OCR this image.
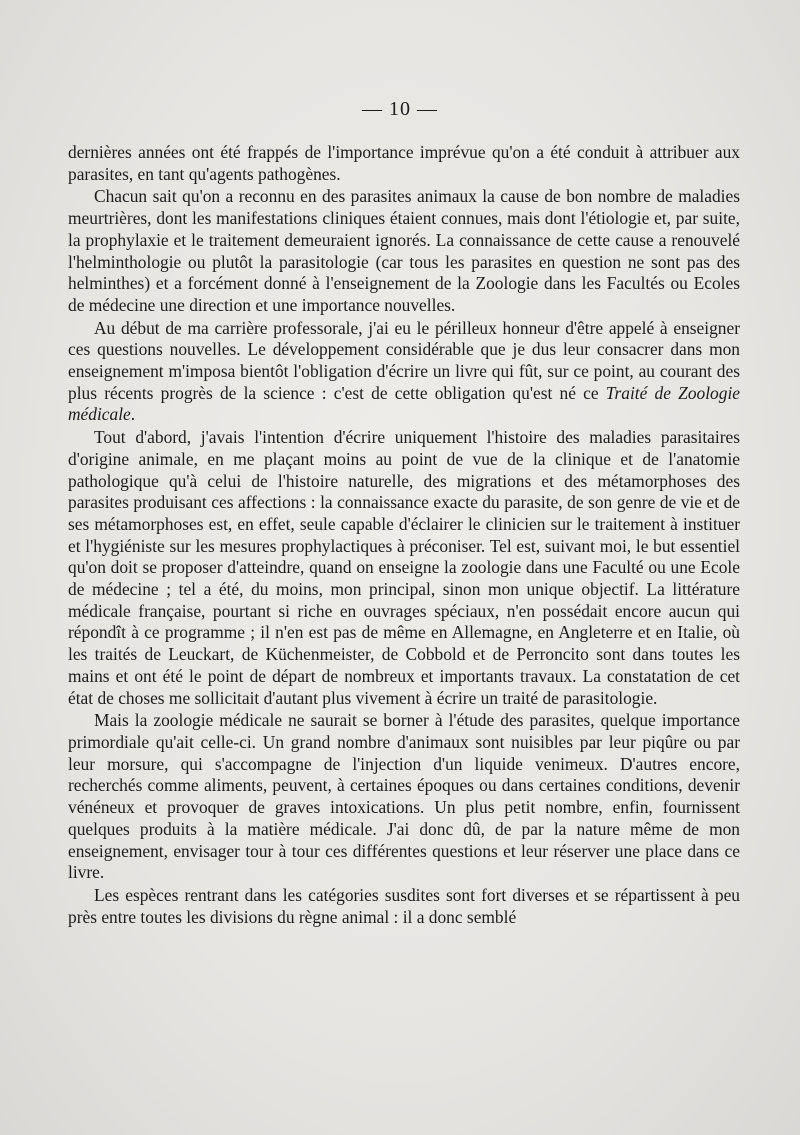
— 10 —

dernières années ont été frappés de l'importance imprévue qu'on a été conduit à attribuer aux parasites, en tant qu'agents pathogènes.

Chacun sait qu'on a reconnu en des parasites animaux la cause de bon nombre de maladies meurtrières, dont les manifestations cliniques étaient connues, mais dont l'étiologie et, par suite, la prophylaxie et le traitement demeuraient ignorés. La connaissance de cette cause a renouvelé l'helminthologie ou plutôt la parasitologie (car tous les parasites en question ne sont pas des helminthes) et a forcément donné à l'enseignement de la Zoologie dans les Facultés ou Ecoles de médecine une direction et une importance nouvelles.

Au début de ma carrière professorale, j'ai eu le périlleux honneur d'être appelé à enseigner ces questions nouvelles. Le développement considérable que je dus leur consacrer dans mon enseignement m'imposa bientôt l'obligation d'écrire un livre qui fût, sur ce point, au courant des plus récents progrès de la science : c'est de cette obligation qu'est né ce Traité de Zoologie médicale.

Tout d'abord, j'avais l'intention d'écrire uniquement l'histoire des maladies parasitaires d'origine animale, en me plaçant moins au point de vue de la clinique et de l'anatomie pathologique qu'à celui de l'histoire naturelle, des migrations et des métamorphoses des parasites produisant ces affections : la connaissance exacte du parasite, de son genre de vie et de ses métamorphoses est, en effet, seule capable d'éclairer le clinicien sur le traitement à instituer et l'hygiéniste sur les mesures prophylactiques à préconiser. Tel est, suivant moi, le but essentiel qu'on doit se proposer d'atteindre, quand on enseigne la zoologie dans une Faculté ou une Ecole de médecine ; tel a été, du moins, mon principal, sinon mon unique objectif. La littérature médicale française, pourtant si riche en ouvrages spéciaux, n'en possédait encore aucun qui répondît à ce programme ; il n'en est pas de même en Allemagne, en Angleterre et en Italie, où les traités de Leuckart, de Küchenmeister, de Cobbold et de Perroncito sont dans toutes les mains et ont été le point de départ de nombreux et importants travaux. La constatation de cet état de choses me sollicitait d'autant plus vivement à écrire un traité de parasitologie.

Mais la zoologie médicale ne saurait se borner à l'étude des parasites, quelque importance primordiale qu'ait celle-ci. Un grand nombre d'animaux sont nuisibles par leur piqûre ou par leur morsure, qui s'accompagne de l'injection d'un liquide venimeux. D'autres encore, recherchés comme aliments, peuvent, à certaines époques ou dans certaines conditions, devenir vénéneux et provoquer de graves intoxications. Un plus petit nombre, enfin, fournissent quelques produits à la matière médicale. J'ai donc dû, de par la nature même de mon enseignement, envisager tour à tour ces différentes questions et leur réserver une place dans ce livre.

Les espèces rentrant dans les catégories susdites sont fort diverses et se répartissent à peu près entre toutes les divisions du règne animal : il a donc semblé
